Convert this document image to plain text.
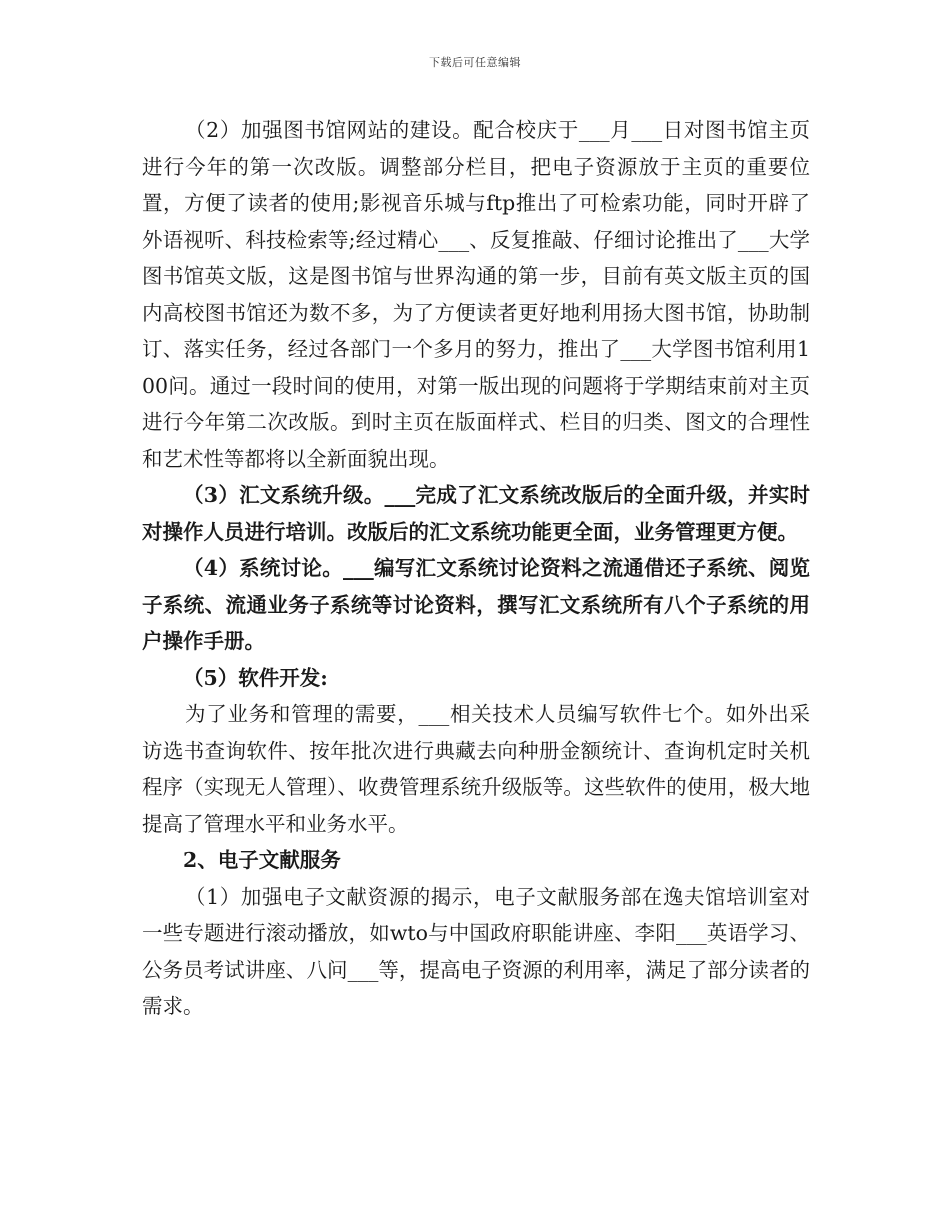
下载后可任意编辑

（2）加强图书馆网站的建设。配合校庆于___月___日对图书馆主页进行今年的第一次改版。调整部分栏目，把电子资源放于主页的重要位置，方便了读者的使用;影视音乐城与ftp推出了可检索功能，同时开辟了外语视听、科技检索等;经过精心___、反复推敲、仔细讨论推出了___大学图书馆英文版，这是图书馆与世界沟通的第一步，目前有英文版主页的国内高校图书馆还为数不多，为了方便读者更好地利用扬大图书馆，协助制订、落实任务，经过各部门一个多月的努力，推出了___大学图书馆利用100问。通过一段时间的使用，对第一版出现的问题将于学期结束前对主页进行今年第二次改版。到时主页在版面样式、栏目的归类、图文的合理性和艺术性等都将以全新面貌出现。

（3）汇文系统升级。___完成了汇文系统改版后的全面升级，并实时对操作人员进行培训。改版后的汇文系统功能更全面，业务管理更方便。

（4）系统讨论。___编写汇文系统讨论资料之流通借还子系统、阅览子系统、流通业务子系统等讨论资料，撰写汇文系统所有八个子系统的用户操作手册。

（5）软件开发:

为了业务和管理的需要，___相关技术人员编写软件七个。如外出采访选书查询软件、按年批次进行典藏去向种册金额统计、查询机定时关机程序（实现无人管理）、收费管理系统升级版等。这些软件的使用，极大地提高了管理水平和业务水平。

2、电子文献服务

（1）加强电子文献资源的揭示，电子文献服务部在逸夫馆培训室对一些专题进行滚动播放，如wto与中国政府职能讲座、李阳___英语学习、公务员考试讲座、八问___等，提高电子资源的利用率，满足了部分读者的需求。
